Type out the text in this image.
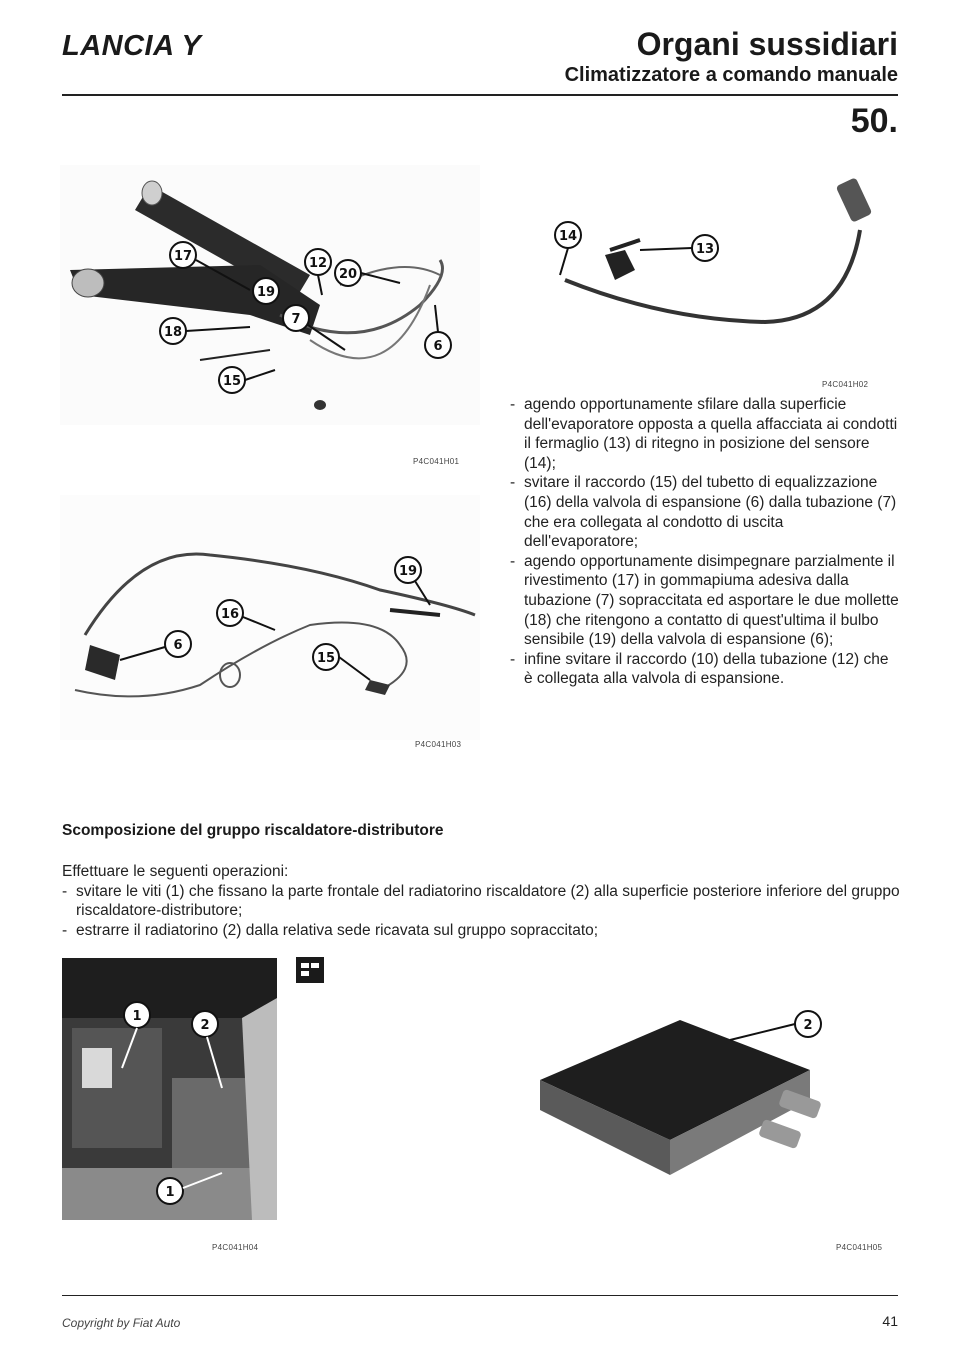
LANCIA Y	Organi sussidiari
Climatizzatore a comando manuale
50.
17	12
20
19
7
18
6
15
P4C041H01
14
13
P4C041H02
19
16
6
15
P4C041H03

- agendo opportunamente sfilare dalla superficie dell'evaporatore opposta a quella affacciata ai condotti il fermaglio (13) di ritegno in posizione del sensore (14);

- svitare il raccordo (15) del tubetto di equalizzazione (16) della valvola di espansione (6) dalla tubazione (7) che era collegata al condotto di uscita dell'evaporatore;

- agendo opportunamente disimpegnare parzialmente il rivestimento (17) in gommapiuma adesiva dalla tubazione (7) sopraccitata ed asportare le due mollette (18) che ritengono a contatto di quest'ultima il bulbo sensibile (19) della valvola di espansione (6);

- infine svitare il raccordo (10) della tubazione (12) che è collegata alla valvola di espansione.

Scomposizione del gruppo riscaldatore-distributore
Effettuare le seguenti operazioni:
- svitare le viti (1) che fissano la parte frontale del radiatorino riscaldatore (2) alla superficie posteriore inferiore del gruppo riscaldatore-distributore;
- estrarre il radiatorino (2) dalla relativa sede ricavata sul gruppo sopraccitato;
1
2
1
P4C041H04
2
P4C041H05
Copyright by Fiat Auto	41
